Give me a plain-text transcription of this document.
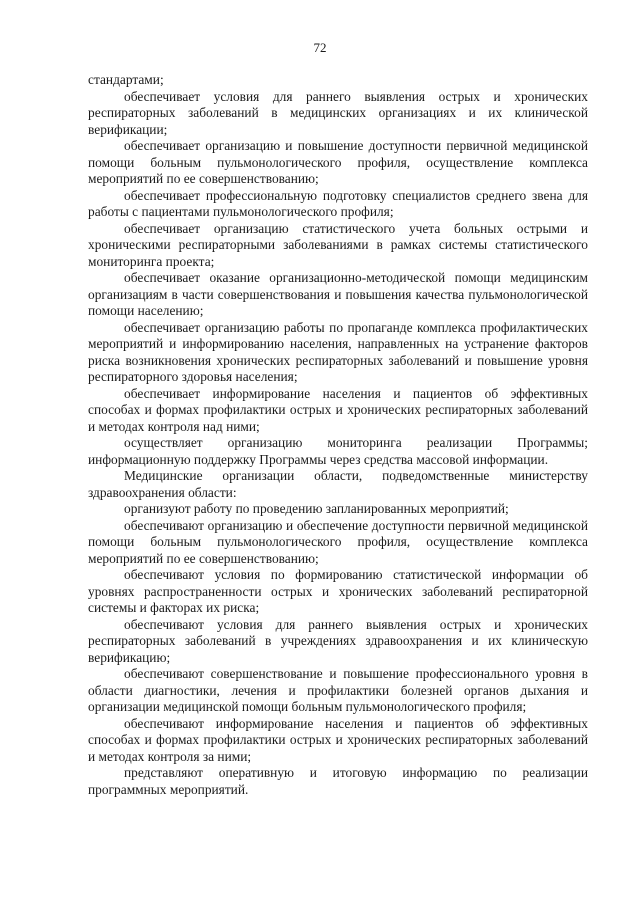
72

стандартами;

обеспечивает условия для раннего выявления острых и хронических респираторных заболеваний в медицинских организациях и их клинической верификации;

обеспечивает организацию и повышение доступности первичной медицинской помощи больным пульмонологического профиля, осуществление комплекса мероприятий по ее совершенствованию;

обеспечивает профессиональную подготовку специалистов среднего звена для работы с пациентами пульмонологического профиля;

обеспечивает организацию статистического учета больных острыми и хроническими респираторными заболеваниями в рамках системы статистического мониторинга проекта;

обеспечивает оказание организационно-методической помощи медицинским организациям в части совершенствования и повышения качества пульмонологической помощи населению;

обеспечивает организацию работы по пропаганде комплекса профилактических мероприятий и информированию населения, направленных на устранение факторов риска возникновения хронических респираторных заболеваний и повышение уровня респираторного здоровья населения;

обеспечивает информирование населения и пациентов об эффективных способах и формах профилактики острых и хронических респираторных заболеваний и методах контроля над ними;

осуществляет организацию мониторинга реализации Программы; информационную поддержку Программы через средства массовой информации.

Медицинские организации области, подведомственные министерству здравоохранения области:

организуют работу по проведению запланированных мероприятий;

обеспечивают организацию и обеспечение доступности первичной медицинской помощи больным пульмонологического профиля, осуществление комплекса мероприятий по ее совершенствованию;

обеспечивают условия по формированию статистической информации об уровнях распространенности острых и хронических заболеваний респираторной системы и факторах их риска;

обеспечивают условия для раннего выявления острых и хронических респираторных заболеваний в учреждениях здравоохранения и их клиническую верификацию;

обеспечивают совершенствование и повышение профессионального уровня в области диагностики, лечения и профилактики болезней органов дыхания и организации медицинской помощи больным пульмонологического профиля;

обеспечивают информирование населения и пациентов об эффективных способах и формах профилактики острых и хронических респираторных заболеваний и методах контроля за ними;

представляют оперативную и итоговую информацию по реализации программных мероприятий.
